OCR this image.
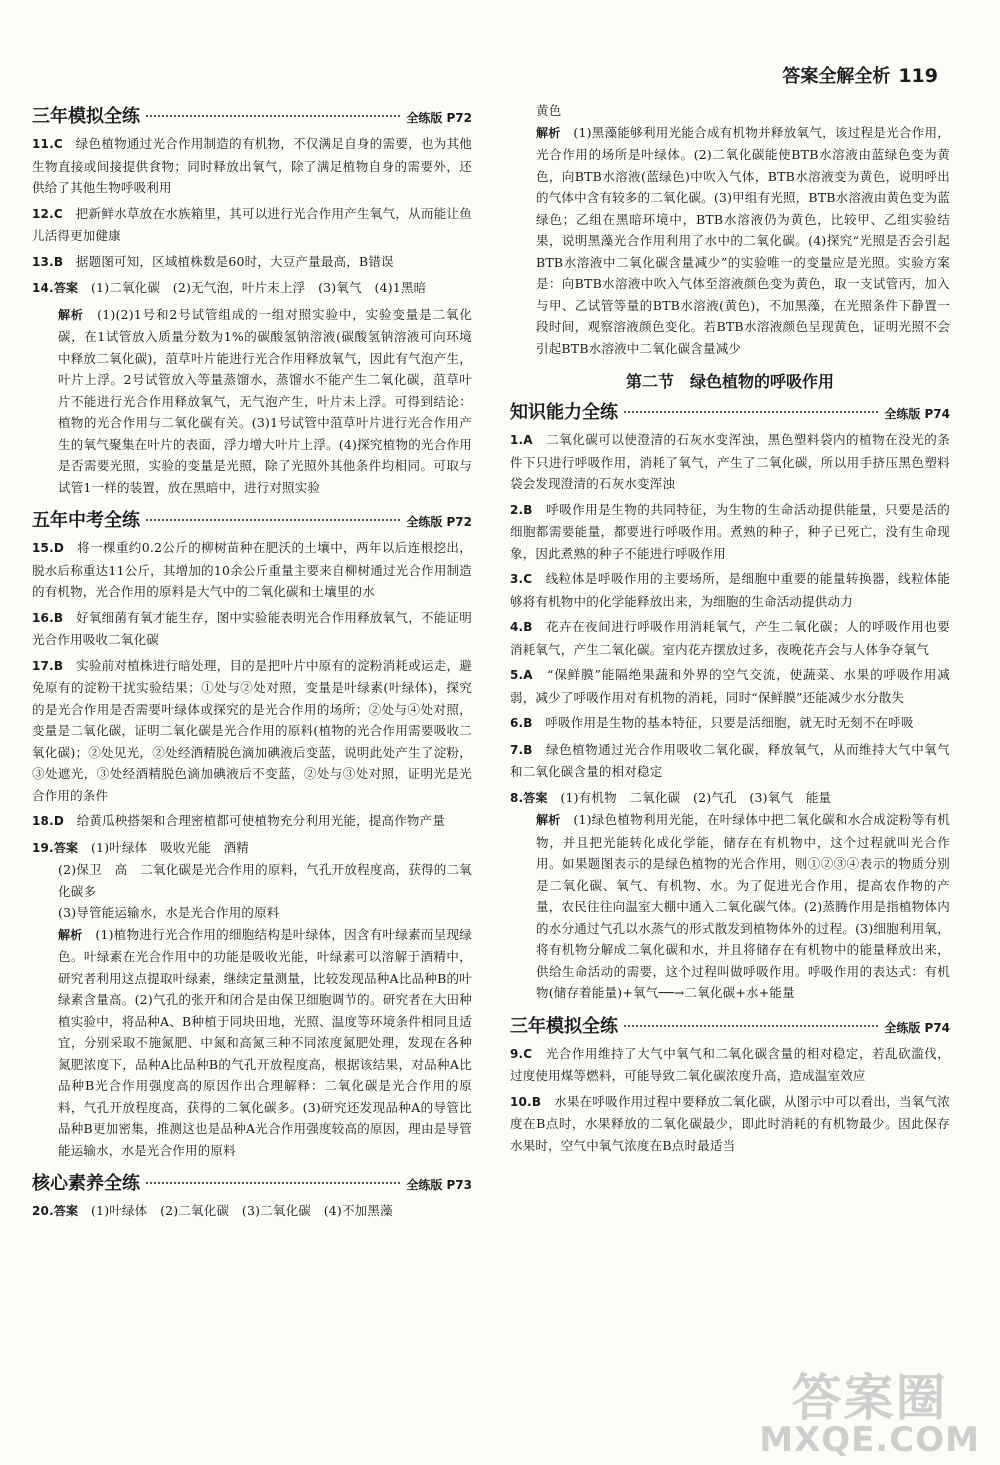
答案全解全析 119
三年模拟全练	全练版 P72

11.C　 绿色植物通过光合作用制造的有机物，不仅满足自身的需要，也为其他生物直接或间接提供食物；同时释放出氧气，除了满足植物自身的需要外，还供给了其他生物呼吸利用

12.C　 把新鲜水草放在水族箱里，其可以进行光合作用产生氧气，从而能让鱼儿活得更加健康

13.B　 据题图可知，区域植株数是60时，大豆产量最高，B错误

14.答案　 (1)二氧化碳　(2)无气泡，叶片未上浮　(3)氧气　(4)1黑暗

解析　 (1)(2)1号和2号试管组成的一组对照实验中，实验变量是二氧化碳，在1试管放入质量分数为1%的碳酸氢钠溶液(碳酸氢钠溶液可向环境中释放二氧化碳)，菹草叶片能进行光合作用释放氧气，因此有气泡产生，叶片上浮。2号试管放入等量蒸馏水，蒸馏水不能产生二氧化碳，菹草叶片不能进行光合作用释放氧气，无气泡产生，叶片未上浮。可得到结论：植物的光合作用与二氧化碳有关。(3)1号试管中菹草叶片进行光合作用产生的氧气聚集在叶片的表面，浮力增大叶片上浮。(4)探究植物的光合作用是否需要光照，实验的变量是光照，除了光照外其他条件均相同。可取与试管1一样的装置，放在黑暗中，进行对照实验

五年中考全练	全练版 P72

15.D　 将一棵重约0.2公斤的柳树苗种在肥沃的土壤中，两年以后连根挖出，脱水后称重达11公斤，其增加的10余公斤重量主要来自柳树通过光合作用制造的有机物，光合作用的原料是大气中的二氧化碳和土壤里的水

16.B　 好氧细菌有氧才能生存，图中实验能表明光合作用释放氧气，不能证明光合作用吸收二氧化碳

17.B　 实验前对植株进行暗处理，目的是把叶片中原有的淀粉消耗或运走，避免原有的淀粉干扰实验结果；①处与②处对照，变量是叶绿素(叶绿体)，探究的是光合作用是否需要叶绿体或探究的是光合作用的场所；②处与④处对照，变量是二氧化碳，证明二氧化碳是光合作用的原料(植物的光合作用需要吸收二氧化碳)；②处见光，②处经酒精脱色滴加碘液后变蓝，说明此处产生了淀粉，③处遮光，③处经酒精脱色滴加碘液后不变蓝，②处与③处对照，证明光是光合作用的条件

18.D　 给黄瓜秧搭架和合理密植都可使植物充分利用光能，提高作物产量

19.答案　 (1)叶绿体　吸收光能　酒精

(2)保卫　高　二氧化碳是光合作用的原料，气孔开放程度高，获得的二氧化碳多

(3)导管能运输水，水是光合作用的原料

解析　 (1)植物进行光合作用的细胞结构是叶绿体，因含有叶绿素而呈现绿色。叶绿素在光合作用中的功能是吸收光能，叶绿素可以溶解于酒精中，研究者利用这点提取叶绿素，继续定量测量，比较发现品种A比品种B的叶绿素含量高。(2)气孔的张开和闭合是由保卫细胞调节的。研究者在大田种植实验中，将品种A、B种植于同块田地，光照、温度等环境条件相同且适宜，分别采取不施氮肥、中氮和高氮三种不同浓度氮肥处理，发现在各种氮肥浓度下，品种A比品种B的气孔开放程度高，根据该结果，对品种A比品种B光合作用强度高的原因作出合理解释：二氧化碳是光合作用的原料，气孔开放程度高，获得的二氧化碳多。(3)研究还发现品种A的导管比品种B更加密集，推测这也是品种A光合作用强度较高的原因，理由是导管能运输水，水是光合作用的原料

核心素养全练	全练版 P73

20.答案　 (1)叶绿体　(2)二氧化碳　(3)二氧化碳　(4)不加黑藻

黄色

解析　 (1)黑藻能够利用光能合成有机物并释放氧气，该过程是光合作用，光合作用的场所是叶绿体。(2)二氧化碳能使BTB水溶液由蓝绿色变为黄色，向BTB水溶液(蓝绿色)中吹入气体，BTB水溶液变为黄色，说明呼出的气体中含有较多的二氧化碳。(3)甲组有光照，BTB水溶液由黄色变为蓝绿色；乙组在黑暗环境中，BTB水溶液仍为黄色，比较甲、乙组实验结果，说明黑藻光合作用利用了水中的二氧化碳。(4)探究“光照是否会引起BTB水溶液中二氧化碳含量减少”的实验唯一的变量应是光照。实验方案是：向BTB水溶液中吹入气体至溶液颜色变为黄色，取一支试管丙，加入与甲、乙试管等量的BTB水溶液(黄色)，不加黑藻，在光照条件下静置一段时间，观察溶液颜色变化。若BTB水溶液颜色呈现黄色，证明光照不会引起BTB水溶液中二氧化碳含量减少

第二节　绿色植物的呼吸作用
知识能力全练	全练版 P74

1.A　 二氧化碳可以使澄清的石灰水变浑浊，黑色塑料袋内的植物在没光的条件下只进行呼吸作用，消耗了氧气，产生了二氧化碳，所以用手挤压黑色塑料袋会发现澄清的石灰水变浑浊

2.B　 呼吸作用是生物的共同特征，为生物的生命活动提供能量，只要是活的细胞都需要能量，都要进行呼吸作用。煮熟的种子，种子已死亡，没有生命现象，因此煮熟的种子不能进行呼吸作用

3.C　 线粒体是呼吸作用的主要场所，是细胞中重要的能量转换器，线粒体能够将有机物中的化学能释放出来，为细胞的生命活动提供动力

4.B　 花卉在夜间进行呼吸作用消耗氧气，产生二氧化碳；人的呼吸作用也要消耗氧气，产生二氧化碳。室内花卉摆放过多，夜晚花卉会与人体争夺氧气

5.A　 “保鲜膜”能隔绝果蔬和外界的空气交流，使蔬菜、水果的呼吸作用减弱，减少了呼吸作用对有机物的消耗，同时“保鲜膜”还能减少水分散失

6.B　 呼吸作用是生物的基本特征，只要是活细胞，就无时无刻不在呼吸

7.B　 绿色植物通过光合作用吸收二氧化碳，释放氧气，从而维持大气中氧气和二氧化碳含量的相对稳定

8.答案　 (1)有机物　二氧化碳　(2)气孔　(3)氧气　能量

解析　 (1)绿色植物利用光能，在叶绿体中把二氧化碳和水合成淀粉等有机物，并且把光能转化成化学能，储存在有机物中，这个过程就叫光合作用。如果题图表示的是绿色植物的光合作用，则①②③④表示的物质分别是二氧化碳、氧气、有机物、水。为了促进光合作用，提高农作物的产量，农民往往向温室大棚中通入二氧化碳气体。(2)蒸腾作用是指植物体内的水分通过气孔以水蒸气的形式散发到植物体外的过程。(3)细胞利用氧，将有机物分解成二氧化碳和水，并且将储存在有机物中的能量释放出来，供给生命活动的需要，这个过程叫做呼吸作用。呼吸作用的表达式：有机物(储存着能量)+氧气──→二氧化碳+水+能量

三年模拟全练	全练版 P74

9.C　 光合作用维持了大气中氧气和二氧化碳含量的相对稳定，若乱砍滥伐，过度使用煤等燃料，可能导致二氧化碳浓度升高，造成温室效应

10.B　 水果在呼吸作用过程中要释放二氧化碳，从图示中可以看出，当氧气浓度在B点时，水果释放的二氧化碳最少，即此时消耗的有机物最少。因此保存水果时，空气中氧气浓度在B点时最适当

答案圈
MXQE.COM
